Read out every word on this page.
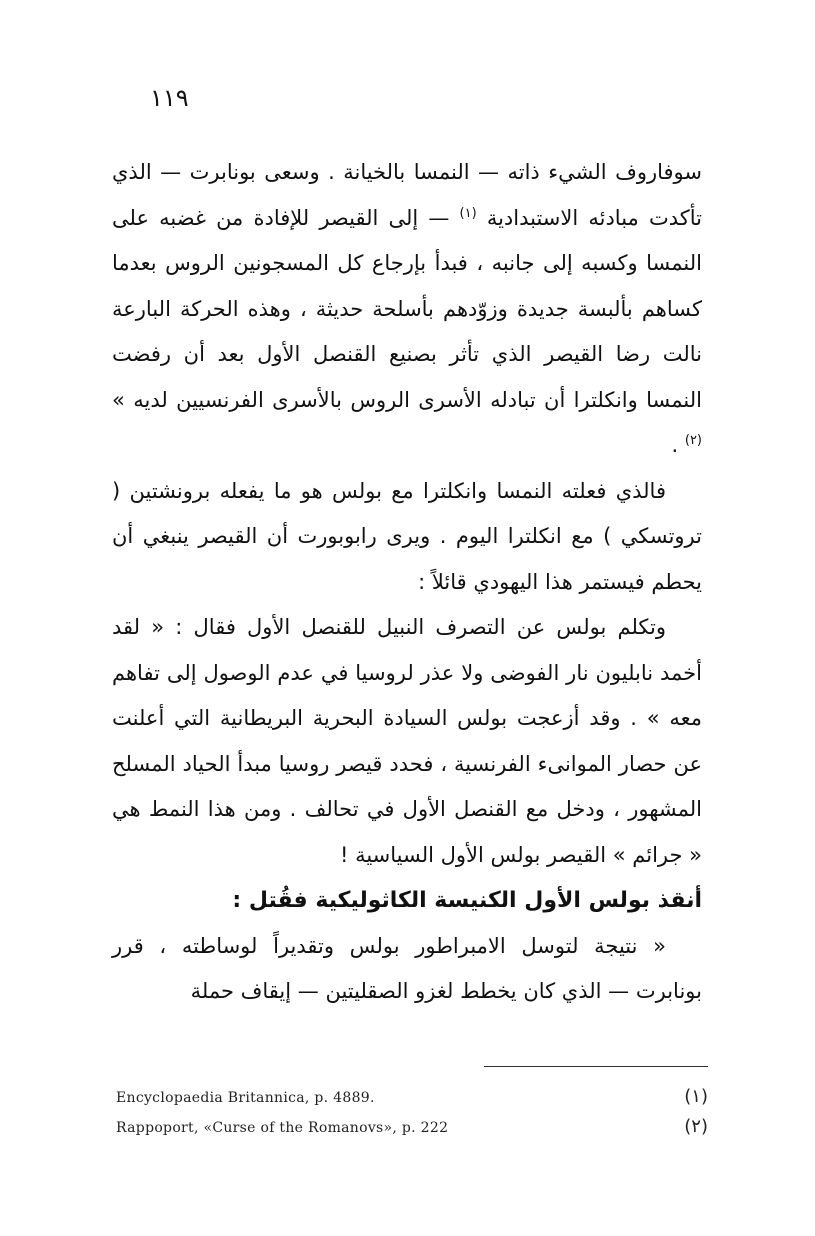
١١٩

سوفاروف الشيء ذاته — النمسا بالخيانة . وسعى بونابرت — الذي تأكدت مبادئه الاستبدادية $^{(١)}$ — إلى القيصر للإفادة من غضبه على النمسا وكسبه إلى جانبه ، فبدأ بإرجاع كل المسجونين الروس بعدما كساهم بألبسة جديدة وزوّدهم بأسلحة حديثة ، وهذه الحركة البارعة نالت رضا القيصر الذي تأثر بصنيع القنصل الأول بعد أن رفضت النمسا وانكلترا أن تبادله الأسرى الروس بالأسرى الفرنسيين لديه » $^{(٢)}$ .

فالذي فعلته النمسا وانكلترا مع بولس هو ما يفعله برونشتين ( تروتسكي ) مع انكلترا اليوم . ويرى رابوبورت أن القيصر ينبغي أن يحطم فيستمر هذا اليهودي قائلاً :

وتكلم بولس عن التصرف النبيل للقنصل الأول فقال : « لقد أخمد نابليون نار الفوضى ولا عذر لروسيا في عدم الوصول إلى تفاهم معه » . وقد أزعجت بولس السيادة البحرية البريطانية التي أعلنت عن حصار الموانىء الفرنسية ، فحدد قيصر روسيا مبدأ الحياد المسلح المشهور ، ودخل مع القنصل الأول في تحالف . ومن هذا النمط هي « جرائم » القيصر بولس الأول السياسية !

أنقذ بولس الأول الكنيسة الكاثوليكية فقُتل :

« نتيجة لتوسل الامبراطور بولس وتقديراً لوساطته ، قرر بونابرت — الذي كان يخطط لغزو الصقليتين — إيقاف حملة

Encyclopaedia Britannica, p. 4889.	(١)
Rappoport, «Curse of the Romanovs», p. 222	(٢)
